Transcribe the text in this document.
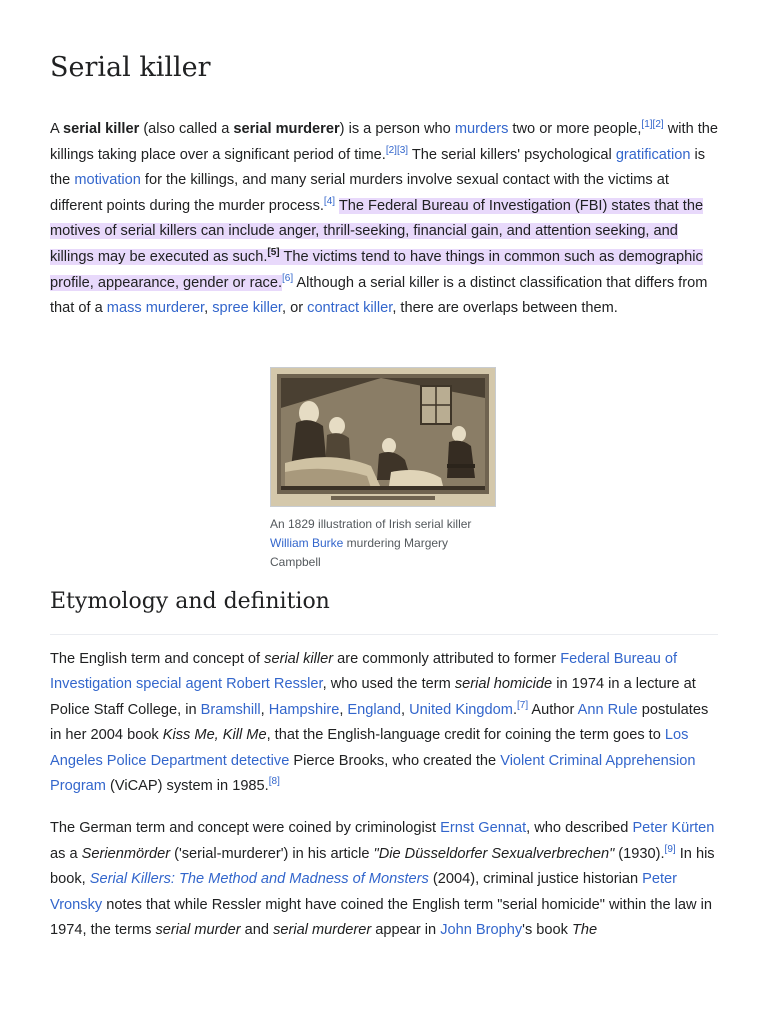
Serial killer

A serial killer (also called a serial murderer) is a person who murders two or more people,[1][2] with the killings taking place over a significant period of time.[2][3] The serial killers' psychological gratification is the motivation for the killings, and many serial murders involve sexual contact with the victims at different points during the murder process.[4] The Federal Bureau of Investigation (FBI) states that the motives of serial killers can include anger, thrill-seeking, financial gain, and attention seeking, and killings may be executed as such.[5] The victims tend to have things in common such as demographic profile, appearance, gender or race.[6] Although a serial killer is a distinct classification that differs from that of a mass murderer, spree killer, or contract killer, there are overlaps between them.

An 1829 illustration of Irish serial killer William Burke murdering Margery Campbell
Etymology and definition

The English term and concept of serial killer are commonly attributed to former Federal Bureau of Investigation special agent Robert Ressler, who used the term serial homicide in 1974 in a lecture at Police Staff College, in Bramshill, Hampshire, England, United Kingdom.[7] Author Ann Rule postulates in her 2004 book Kiss Me, Kill Me, that the English-language credit for coining the term goes to Los Angeles Police Department detective Pierce Brooks, who created the Violent Criminal Apprehension Program (ViCAP) system in 1985.[8]

The German term and concept were coined by criminologist Ernst Gennat, who described Peter Kürten as a Serienmörder ('serial-murderer') in his article "Die Düsseldorfer Sexualverbrechen" (1930).[9] In his book, Serial Killers: The Method and Madness of Monsters (2004), criminal justice historian Peter Vronsky notes that while Ressler might have coined the English term "serial homicide" within the law in 1974, the terms serial murder and serial murderer appear in John Brophy's book The
